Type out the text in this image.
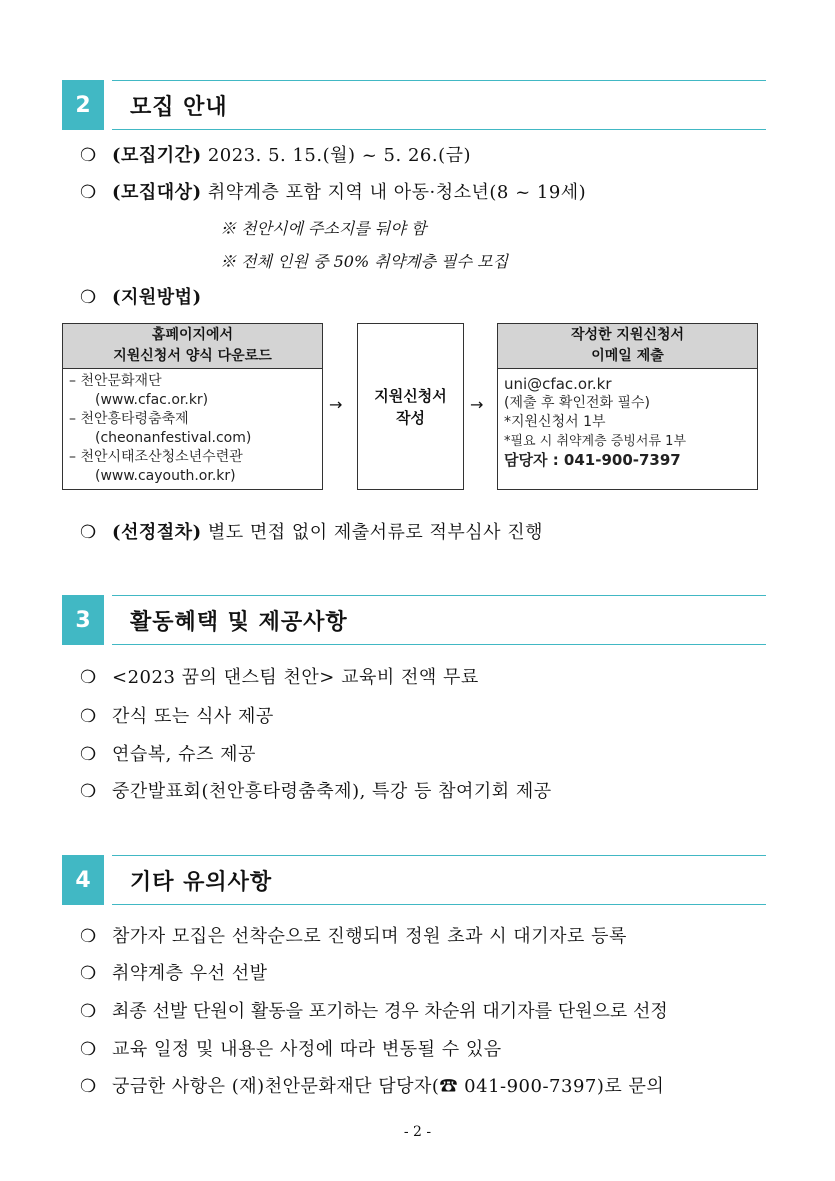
2	모집 안내
❍ (모집기간) 2023. 5. 15.(월) ~ 5. 26.(금)
❍ (모집대상) 취약계층 포함 지역 내 아동·청소년(8 ~ 19세)
※ 천안시에 주소지를 둬야 함
※ 전체 인원 중 50% 취약계층 필수 모집
❍ (지원방법)
홈페이지에서
지원신청서 양식 다운로드
– 천안문화재단
(www.cfac.or.kr)
– 천안흥타령춤축제
(cheonanfestival.com)
– 천안시태조산청소년수련관
(www.cayouth.or.kr)
→ 지원신청서
작성
→
작성한 지원신청서
이메일 제출
uni@cfac.or.kr
(제출 후 확인전화 필수)
*지원신청서 1부
*필요 시 취약계층 증빙서류 1부
담당자 : 041-900-7397
❍ (선정절차) 별도 면접 없이 제출서류로 적부심사 진행
3	활동혜택 및 제공사항
❍ <2023 꿈의 댄스팀 천안> 교육비 전액 무료
❍ 간식 또는 식사 제공
❍ 연습복, 슈즈 제공
❍ 중간발표회(천안흥타령춤축제), 특강 등 참여기회 제공
4	기타 유의사항
❍ 참가자 모집은 선착순으로 진행되며 정원 초과 시 대기자로 등록
❍ 취약계층 우선 선발
❍ 최종 선발 단원이 활동을 포기하는 경우 차순위 대기자를 단원으로 선정
❍ 교육 일정 및 내용은 사정에 따라 변동될 수 있음
❍ 궁금한 사항은 (재)천안문화재단 담당자(☎ 041-900-7397)로 문의
- 2 -
